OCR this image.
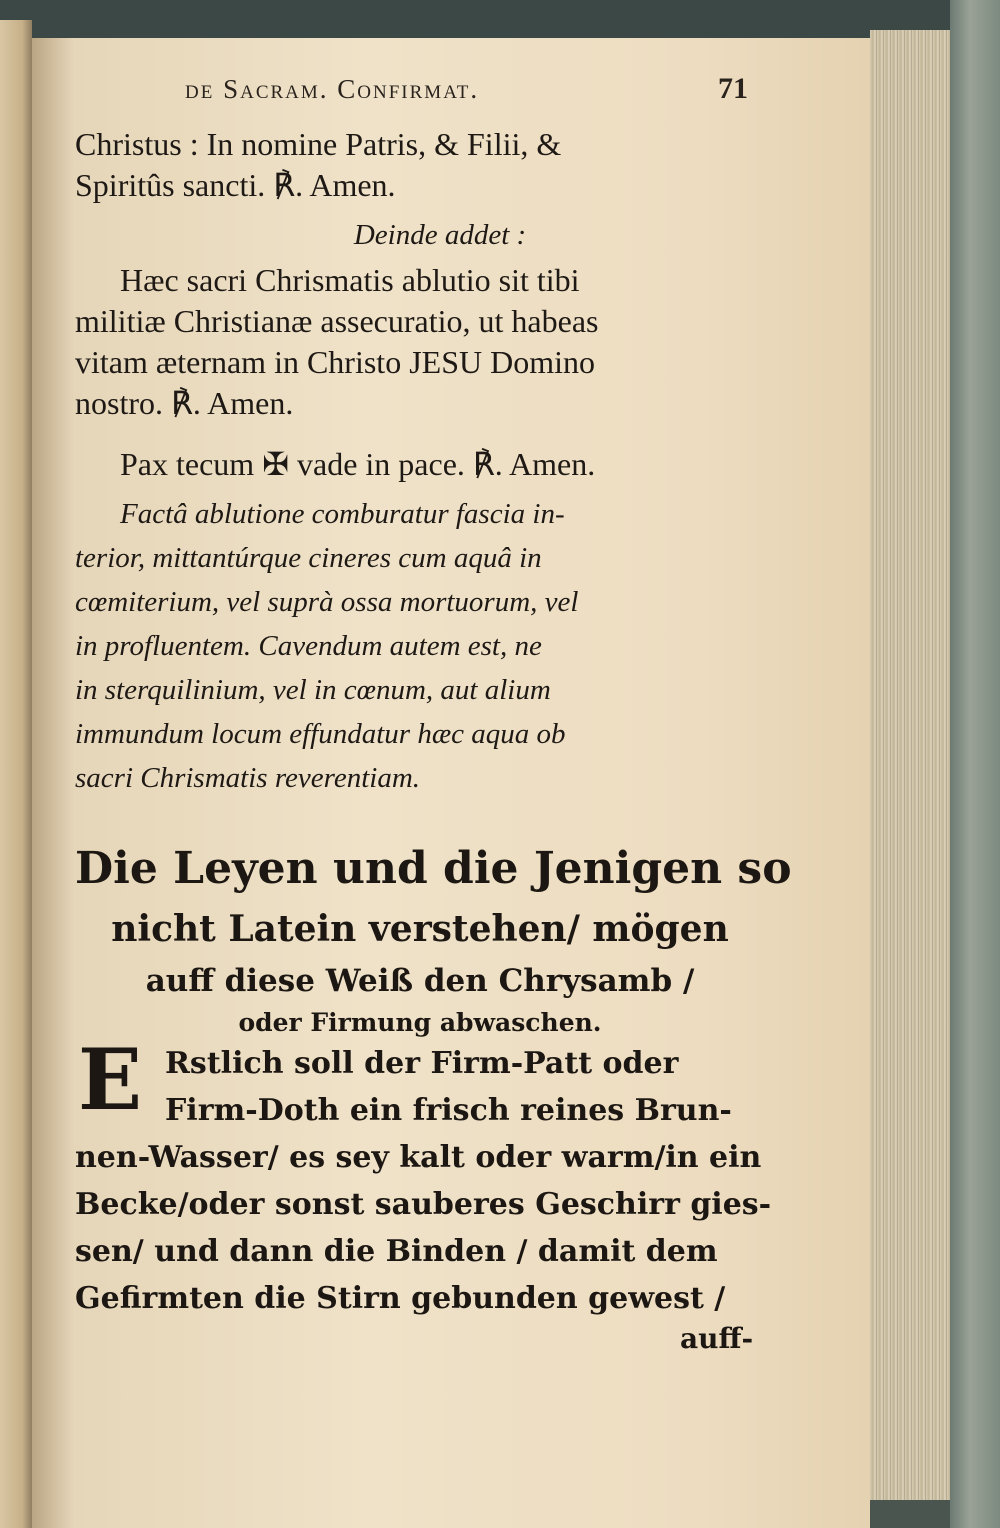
de Sacram. Confirmat.	71
Christus : In nomine Patris, & Filii, &
Spiritûs sancti. ℟. Amen.
Deinde addet :
Hæc sacri Chrismatis ablutio sit tibi
militiæ Christianæ assecuratio, ut habeas
vitam æternam in Christo JESU Domino
nostro. ℟. Amen.
Pax tecum ✠ vade in pace. ℟. Amen.
Factâ ablutione comburatur fascia in-
terior, mittantúrque cineres cum aquâ in
cœmiterium, vel suprà ossa mortuorum, vel
in profluentem. Cavendum autem est, ne
in sterquilinium, vel in cœnum, aut alium
immundum locum effundatur hæc aqua ob
sacri Chrismatis reverentiam.
Die Leyen und die Jenigen so
nicht Latein verstehen/ mögen
auff diese Weiß den Chrysamb /
oder Firmung abwaschen.
E Rstlich soll der Firm-Patt oder
Firm-Doth ein frisch reines Brun-
nen-Wasser/ es sey kalt oder warm/in ein
Becke/oder sonst sauberes Geschirr gies-
sen/ und dann die Binden / damit dem
Gefirmten die Stirn gebunden gewest /
auff-
